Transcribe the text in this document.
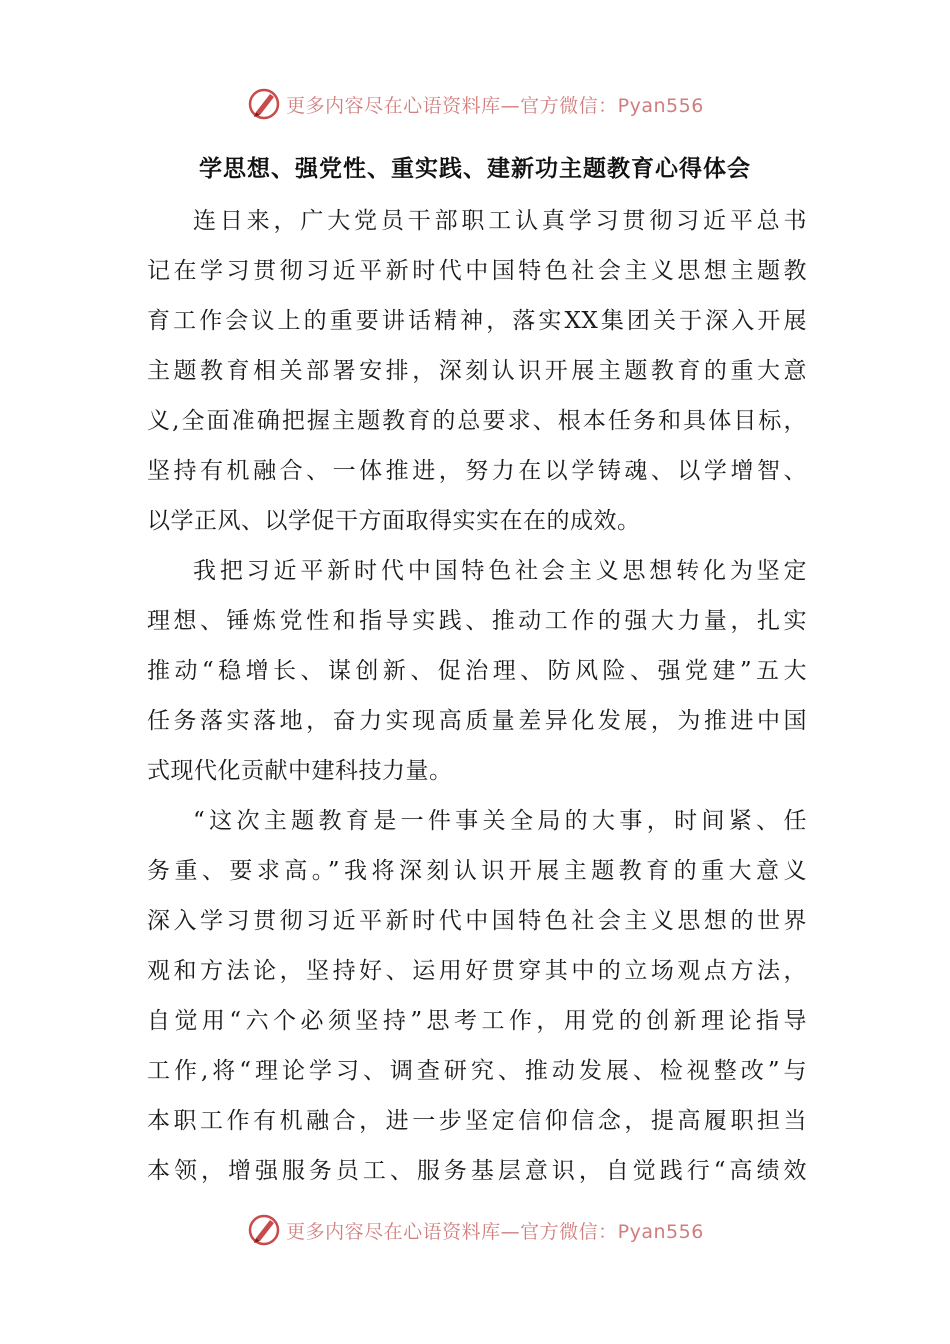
更多内容尽在心语资料库—官方微信：Pyan556
学思想、强党性、重实践、建新功主题教育心得体会
连日来，广大党员干部职工认真学习贯彻习近平总书
记在学习贯彻习近平新时代中国特色社会主义思想主题教
育工作会议上的重要讲话精神，落实XX集团关于深入开展
主题教育相关部署安排，深刻认识开展主题教育的重大意
义,全面准确把握主题教育的总要求、根本任务和具体目标，
坚持有机融合、一体推进，努力在以学铸魂、以学增智、
以学正风、以学促干方面取得实实在在的成效。
我把习近平新时代中国特色社会主义思想转化为坚定
理想、锤炼党性和指导实践、推动工作的强大力量，扎实
推动“稳增长、谋创新、促治理、防风险、强党建”五大
任务落实落地，奋力实现高质量差异化发展，为推进中国
式现代化贡献中建科技力量。
“这次主题教育是一件事关全局的大事，时间紧、任
务重、要求高。”我将深刻认识开展主题教育的重大意义
深入学习贯彻习近平新时代中国特色社会主义思想的世界
观和方法论，坚持好、运用好贯穿其中的立场观点方法，
自觉用“六个必须坚持”思考工作，用党的创新理论指导
工作,将“理论学习、调查研究、推动发展、检视整改”与
本职工作有机融合，进一步坚定信仰信念，提高履职担当
本领，增强服务员工、服务基层意识，自觉践行“高绩效
更多内容尽在心语资料库—官方微信：Pyan556
